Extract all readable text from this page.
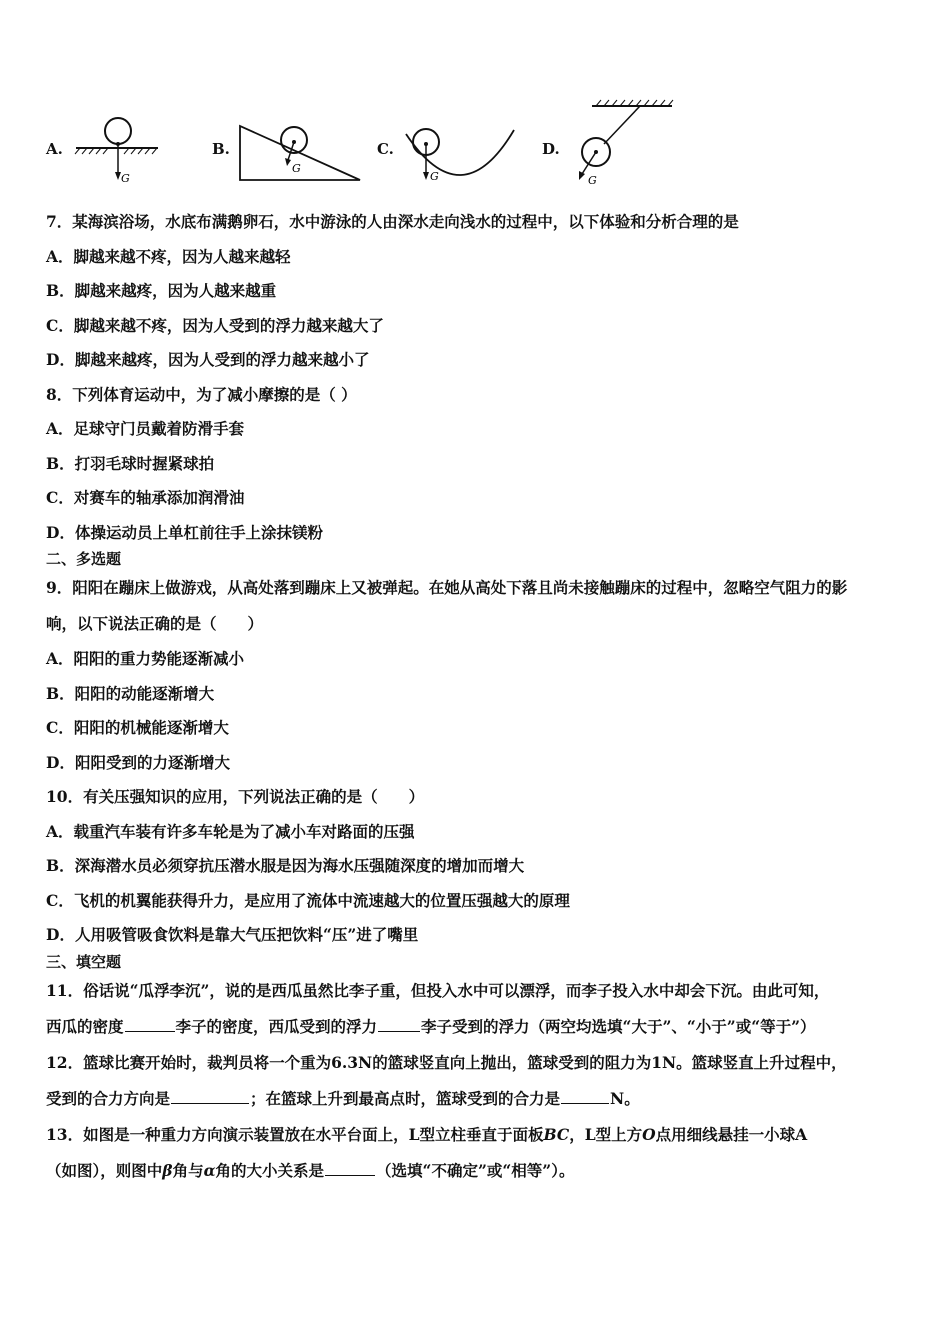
A.
G
B.
G
C.
G
D.
G
7．某海滨浴场，水底布满鹅卵石，水中游泳的人由深水走向浅水的过程中，以下体验和分析合理的是
A．脚越来越不疼，因为人越来越轻
B．脚越来越疼，因为人越来越重
C．脚越来越不疼，因为人受到的浮力越来越大了
D．脚越来越疼，因为人受到的浮力越来越小了
8．下列体育运动中，为了减小摩擦的是（ ）
A．足球守门员戴着防滑手套
B．打羽毛球时握紧球拍
C．对赛车的轴承添加润滑油
D．体操运动员上单杠前往手上涂抹镁粉
二、多选题
9．阳阳在蹦床上做游戏，从高处落到蹦床上又被弹起。在她从高处下落且尚未接触蹦床的过程中，忽略空气阻力的影
响，以下说法正确的是（　　）
A．阳阳的重力势能逐渐减小
B．阳阳的动能逐渐增大
C．阳阳的机械能逐渐增大
D．阳阳受到的力逐渐增大
10．有关压强知识的应用，下列说法正确的是（　　）
A．载重汽车装有许多车轮是为了减小车对路面的压强
B．深海潜水员必须穿抗压潜水服是因为海水压强随深度的增加而增大
C．飞机的机翼能获得升力，是应用了流体中流速越大的位置压强越大的原理
D．人用吸管吸食饮料是靠大气压把饮料“压”进了嘴里
三、填空题
11．俗话说“瓜浮李沉”，说的是西瓜虽然比李子重，但投入水中可以漂浮，而李子投入水中却会下沉。由此可知，
西瓜的密度	李子的密度，西瓜受到的浮力	李子受到的浮力（两空均选填“大于”、“小于”或“等于”）
12．篮球比赛开始时，裁判员将一个重为6.3N的篮球竖直向上抛出，篮球受到的阻力为1N。篮球竖直上升过程中，
受到的合力方向是	；在篮球上升到最高点时，篮球受到的合力是	N。
13．如图是一种重力方向演示装置放在水平台面上，L型立柱垂直于面板BC，L型上方O点用细线悬挂一小球A
（如图），则图中β角与α角的大小关系是	（选填“不确定”或“相等”）。
